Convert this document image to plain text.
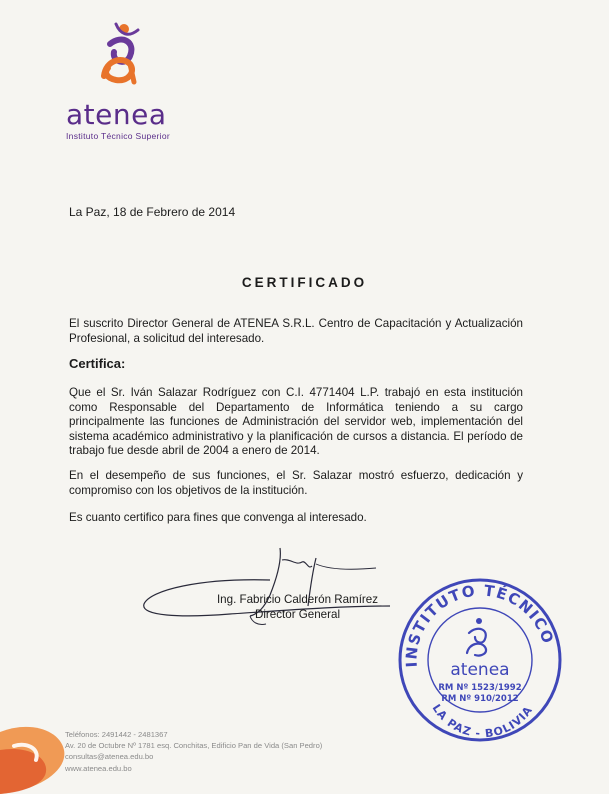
atenea
Instituto Técnico Superior
La Paz, 18 de Febrero de 2014
CERTIFICADO
El suscrito Director General de ATENEA S.R.L. Centro de Capacitación y Actualización Profesional, a solicitud del interesado.
Certifica:
Que el Sr. Iván Salazar Rodríguez con C.I. 4771404 L.P. trabajó en esta institución como Responsable del Departamento de Informática teniendo a su cargo principalmente las funciones de Administración del servidor web, implementación del sistema académico administrativo y la planificación de cursos a distancia. El período de trabajo fue desde abril de 2004 a enero de 2014.
En el desempeño de sus funciones, el Sr. Salazar mostró esfuerzo, dedicación y compromiso con los objetivos de la institución.
Es cuanto certifico para fines que convenga al interesado.
Ing. Fabricio Calderón Ramírez
Director General
INSTITUTO TÉCNICO
LA PAZ - BOLIVIA
atenea
RM Nº 1523/1992
RM Nº 910/2012
Teléfonos: 2491442 - 2481367
Av. 20 de Octubre Nº 1781 esq. Conchitas, Edificio Pan de Vida (San Pedro)
consultas@atenea.edu.bo
www.atenea.edu.bo
